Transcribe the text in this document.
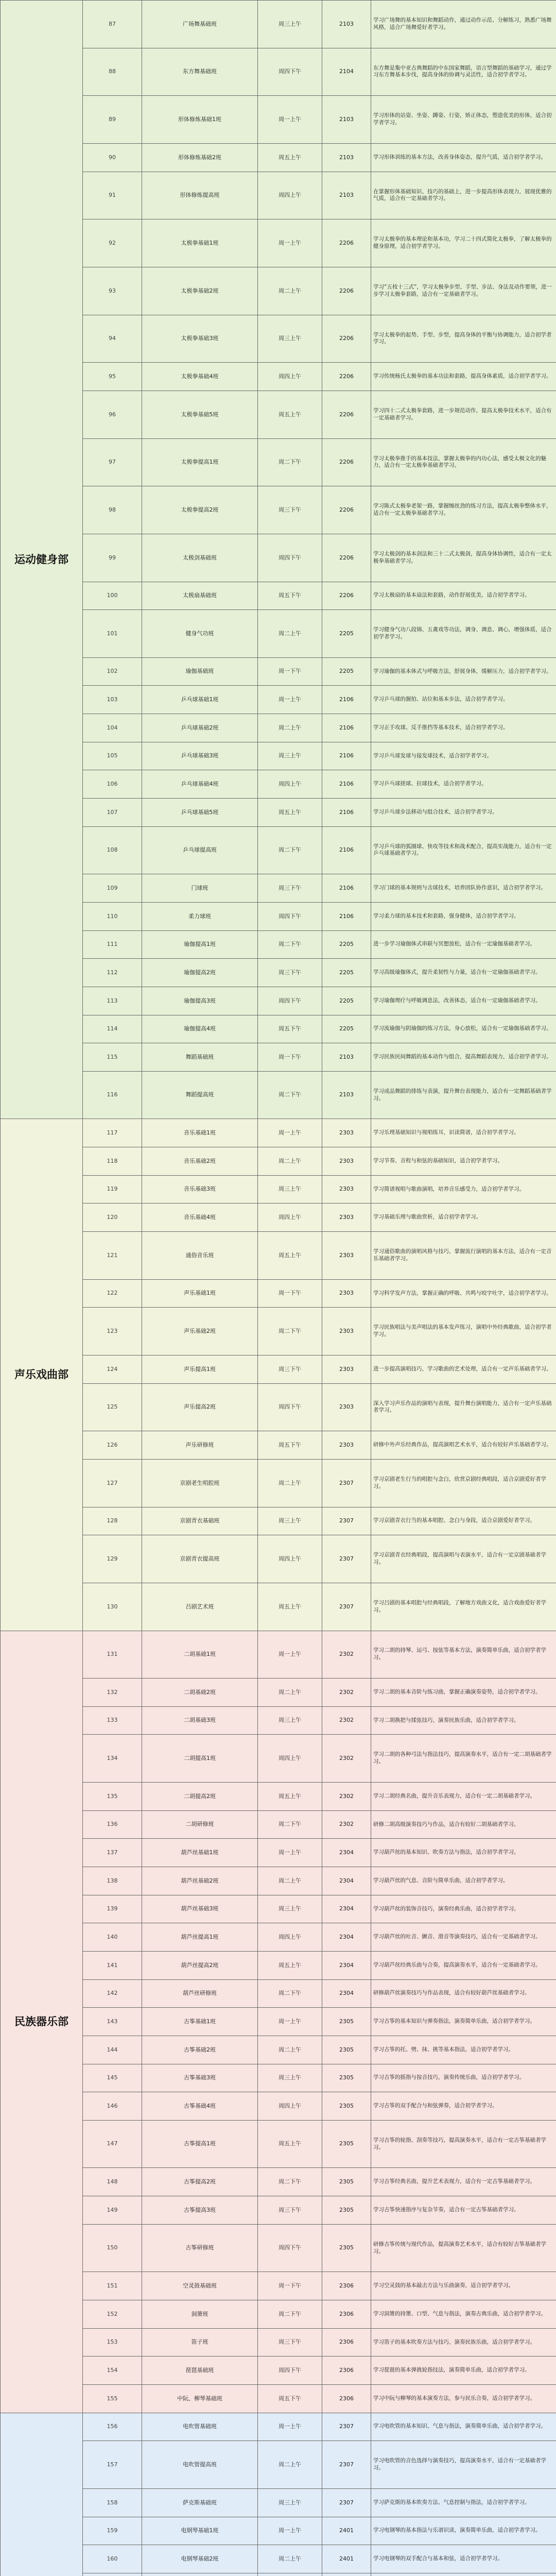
运动健身部	87	广场舞基础班	周三上午	2103	学习广场舞的基本知识和舞蹈动作，通过动作示范、分解练习，熟悉广场舞风格，适合广场舞爱好者学习。
	88	东方舞基础班	周四下午	2104	东方舞是集中亚古典舞蹈的中东国家舞蹈，语言型舞蹈的基础学习，通过学习东方舞基本步伐，提高身体的协调与灵活性，适合初学者学习。
	89	形体修炼基础1班	周一上午	2103	学习形体的站姿、坐姿、蹲姿、行姿，矫正体态，塑造优美的形体，适合初学者学习。
	90	形体修炼基础2班	周五上午	2103	学习形体训练的基本方法，改善身体姿态，提升气质，适合初学者学习。
	91	形体修炼提高班	周四上午	2103	在掌握形体基础知识、技巧的基础上，进一步提高形体表现力，展现优雅的气质，适合有一定基础者学习。
	92	太极拳基础1班	周一上午	2206	学习太极拳的基本理论和基本功，学习二十四式简化太极拳，了解太极拳的健身原理，适合初学者学习。
	93	太极拳基础2班	周二上午	2206	学习“五枝十三式”，学习太极拳步型、手型、步法、身法及动作要领，进一步学习太极拳套路，适合有一定基础者学习。
	94	太极拳基础3班	周三上午	2206	学习太极拳的起势、手型、步型，提高身体的平衡与协调能力，适合初学者学习。
	95	太极拳基础4班	周四上午	2206	学习传统杨氏太极拳的基本功法和套路，提高身体素质，适合初学者学习。
	96	太极拳基础5班	周五上午	2206	学习四十二式太极拳套路，进一步规范动作，提高太极拳技术水平，适合有一定基础者学习。
	97	太极拳提高1班	周二下午	2206	学习太极拳推手的基本技法，掌握太极拳的内功心法，感受太极文化的魅力，适合有一定太极拳基础者学习。
	98	太极拳提高2班	周三下午	2206	学习陈式太极拳老架一路，掌握缠丝劲的练习方法，提高太极拳整体水平，适合有一定太极拳基础者学习。
	99	太极剑基础班	周四下午	2206	学习太极剑的基本剑法和三十二式太极剑，提高身体协调性，适合有一定太极拳基础者学习。
	100	太极扇基础班	周五下午	2206	学习太极扇的基本扇法和套路，动作舒展优美，适合初学者学习。
	101	健身气功班	周二上午	2205	学习健身气功八段锦、五禽戏等功法，调身、调息、调心，增强体质，适合初学者学习。
	102	瑜伽基础班	周一下午	2205	学习瑜伽的基本体式与呼吸方法，舒展身体，缓解压力，适合初学者学习。
	103	乒乓球基础1班	周一上午	2106	学习乒乓球的握拍、站位和基本步法，适合初学者学习。
	104	乒乓球基础2班	周二上午	2106	学习正手攻球、反手推挡等基本技术，适合初学者学习。
	105	乒乓球基础3班	周三上午	2106	学习乒乓球发球与接发球技术，适合初学者学习。
	106	乒乓球基础4班	周四上午	2106	学习乒乓球搓球、拉球技术，适合初学者学习。
	107	乒乓球基础5班	周五上午	2106	学习乒乓球步法移动与组合技术，适合初学者学习。
	108	乒乓球提高班	周二下午	2106	学习乒乓球的弧圈球、快攻等技术和战术配合，提高实战能力，适合有一定乒乓球基础者学习。
	109	门球班	周三下午	2106	学习门球的基本规则与击球技术，培养团队协作意识，适合初学者学习。
	110	柔力球班	周四下午	2106	学习柔力球的基本技术和套路，强身健体，适合初学者学习。
	111	瑜伽提高1班	周二下午	2205	进一步学习瑜伽体式串联与冥想放松，适合有一定瑜伽基础者学习。
	112	瑜伽提高2班	周三下午	2205	学习高级瑜伽体式，提升柔韧性与力量，适合有一定瑜伽基础者学习。
	113	瑜伽提高3班	周四下午	2205	学习瑜伽理疗与呼吸调息法，改善体态，适合有一定瑜伽基础者学习。
	114	瑜伽提高4班	周五下午	2205	学习流瑜伽与阴瑜伽的练习方法，身心放松，适合有一定瑜伽基础者学习。
	115	舞蹈基础班	周一下午	2103	学习民族民间舞蹈的基本动作与组合，提高舞蹈表现力，适合初学者学习。
	116	舞蹈提高班	周二下午	2103	学习成品舞蹈的排练与表演，提升舞台表现能力，适合有一定舞蹈基础者学习。
声乐戏曲部	117	音乐基础1班	周一上午	2303	学习乐理基础知识与视唱练耳，识读简谱，适合初学者学习。
	118	音乐基础2班	周二上午	2303	学习节奏、音程与和弦的基础知识，适合初学者学习。
	119	音乐基础3班	周三上午	2303	学习简谱视唱与歌曲演唱，培养音乐感受力，适合初学者学习。
	120	音乐基础4班	周四上午	2303	学习基础乐理与歌曲赏析，适合初学者学习。
	121	通俗音乐班	周五上午	2303	学习通俗歌曲的演唱风格与技巧，掌握流行演唱的基本方法，适合有一定音乐基础者学习。
	122	声乐基础1班	周一下午	2303	学习科学发声方法，掌握正确的呼吸、共鸣与咬字吐字，适合初学者学习。
	123	声乐基础2班	周二下午	2303	学习民族唱法与美声唱法的基本发声练习，演唱中外经典歌曲，适合初学者学习。
	124	声乐提高1班	周三下午	2303	进一步提高演唱技巧，学习歌曲的艺术处理，适合有一定声乐基础者学习。
	125	声乐提高2班	周四下午	2303	深入学习声乐作品的演唱与表现，提升舞台演唱能力，适合有一定声乐基础者学习。
	126	声乐研修班	周五下午	2303	研修中外声乐经典作品，提高演唱艺术水平，适合有较好声乐基础者学习。
	127	京剧老生唱腔班	周二上午	2307	学习京剧老生行当的唱腔与念白，欣赏京剧经典唱段，适合京剧爱好者学习。
	128	京剧青衣基础班	周三上午	2307	学习京剧青衣行当的基本唱腔、念白与身段，适合京剧爱好者学习。
	129	京剧青衣提高班	周四上午	2307	学习京剧青衣经典唱段，提高演唱与表演水平，适合有一定京剧基础者学习。
	130	吕剧艺术班	周五上午	2307	学习吕剧的基本唱腔与经典唱段，了解地方戏曲文化，适合戏曲爱好者学习。
民族器乐部	131	二胡基础1班	周一上午	2302	学习二胡的持琴、运弓、按弦等基本方法，演奏简单乐曲，适合初学者学习。
	132	二胡基础2班	周二上午	2302	学习二胡的基本音阶与练习曲，掌握正确演奏姿势，适合初学者学习。
	133	二胡基础3班	周三上午	2302	学习二胡换把与揉弦技巧，演奏民族乐曲，适合初学者学习。
	134	二胡提高1班	周四上午	2302	学习二胡的各种弓法与指法技巧，提高演奏水平，适合有一定二胡基础者学习。
	135	二胡提高2班	周五上午	2302	学习二胡经典名曲，提升音乐表现力，适合有一定二胡基础者学习。
	136	二胡研修班	周二下午	2302	研修二胡高级演奏技巧与作品，适合有较好二胡基础者学习。
	137	葫芦丝基础1班	周一上午	2304	学习葫芦丝的基本知识、吹奏方法与指法，适合初学者学习。
	138	葫芦丝基础2班	周二上午	2304	学习葫芦丝的气息、音阶与简单乐曲，适合初学者学习。
	139	葫芦丝基础3班	周三上午	2304	学习葫芦丝的装饰音技巧，演奏经典乐曲，适合初学者学习。
	140	葫芦丝提高1班	周四上午	2304	学习葫芦丝的吐音、颤音、滑音等演奏技巧，适合有一定基础者学习。
	141	葫芦丝提高2班	周五上午	2304	学习葫芦丝经典乐曲与合奏，提高演奏水平，适合有一定基础者学习。
	142	葫芦丝研修班	周二下午	2304	研修葫芦丝演奏技巧与作品表现，适合有较好葫芦丝基础者学习。
	143	古筝基础1班	周一上午	2305	学习古筝的基本知识与弹奏指法，演奏简单乐曲，适合初学者学习。
	144	古筝基础2班	周二上午	2305	学习古筝的托、劈、抹、挑等基本指法，适合初学者学习。
	145	古筝基础3班	周三上午	2305	学习古筝的摇指与按音技巧，演奏传统乐曲，适合初学者学习。
	146	古筝基础4班	周四上午	2305	学习古筝的双手配合与和弦弹奏，适合初学者学习。
	147	古筝提高1班	周五上午	2305	学习古筝的轮指、刮奏等技巧，提高演奏水平，适合有一定古筝基础者学习。
	148	古筝提高2班	周二下午	2305	学习古筝经典名曲，提升艺术表现力，适合有一定古筝基础者学习。
	149	古筝提高3班	周三下午	2305	学习古筝快速指序与复杂节奏，适合有一定古筝基础者学习。
	150	古筝研修班	周四下午	2305	研修古筝传统与现代作品，提高演奏艺术水平，适合有较好古筝基础者学习。
	151	空灵鼓基础班	周一下午	2306	学习空灵鼓的基本敲击方法与乐曲演奏，适合初学者学习。
	152	洞箫班	周二下午	2306	学习洞箫的持箫、口型、气息与指法，演奏古典乐曲，适合初学者学习。
	153	笛子班	周三下午	2306	学习笛子的基本吹奏方法与技巧，演奏民族乐曲，适合初学者学习。
	154	琵琶基础班	周四下午	2306	学习琵琶的基本弹挑轮指技法，演奏简单乐曲，适合初学者学习。
	155	中阮、柳琴基础班	周五下午	2306	学习中阮与柳琴的基本演奏方法，参与民乐合奏，适合初学者学习。
	156	电吹管基础班	周一上午	2307	学习电吹管的基本知识、气息与指法，演奏简单乐曲，适合初学者学习。
	157	电吹管提高班	周二上午	2307	学习电吹管的音色选择与演奏技巧，提高演奏水平，适合有一定基础者学习。
	158	萨克斯基础班	周三上午	2307	学习萨克斯的基本吹奏方法、气息控制与指法，适合初学者学习。
	159	电钢琴基础1班	周一上午	2401	学习电钢琴的基本指法与乐谱识读，演奏简单乐曲，适合初学者学习。
	160	电钢琴基础2班	周二上午	2401	学习电钢琴的双手配合与基本和弦，适合初学者学习。
